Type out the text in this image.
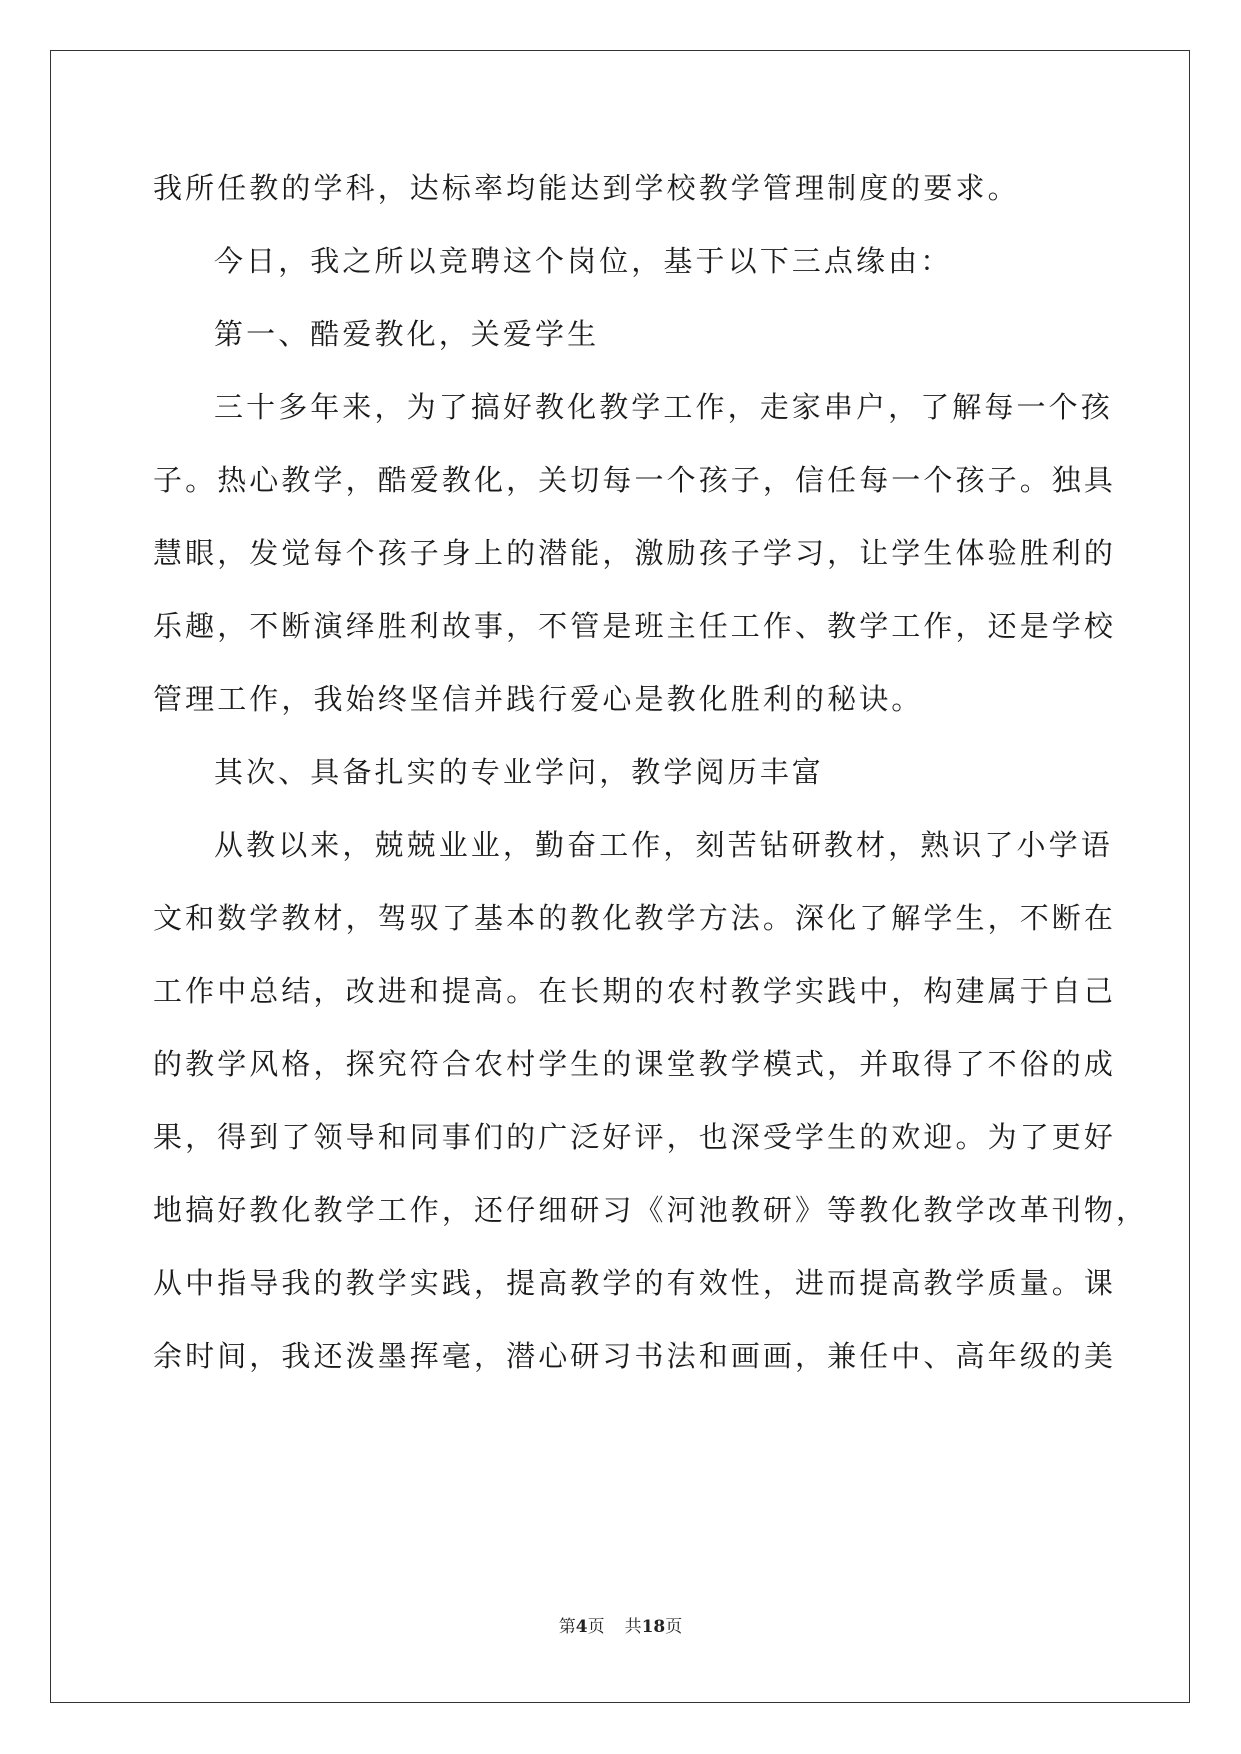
我所任教的学科，达标率均能达到学校教学管理制度的要求。
今日，我之所以竞聘这个岗位，基于以下三点缘由：
第一、酷爱教化，关爱学生
三十多年来，为了搞好教化教学工作，走家串户，了解每一个孩
子。热心教学，酷爱教化，关切每一个孩子，信任每一个孩子。独具
慧眼，发觉每个孩子身上的潜能，激励孩子学习，让学生体验胜利的
乐趣，不断演绎胜利故事，不管是班主任工作、教学工作，还是学校
管理工作，我始终坚信并践行爱心是教化胜利的秘诀。
其次、具备扎实的专业学问，教学阅历丰富
从教以来，兢兢业业，勤奋工作，刻苦钻研教材，熟识了小学语
文和数学教材，驾驭了基本的教化教学方法。深化了解学生，不断在
工作中总结，改进和提高。在长期的农村教学实践中，构建属于自己
的教学风格，探究符合农村学生的课堂教学模式，并取得了不俗的成
果，得到了领导和同事们的广泛好评，也深受学生的欢迎。为了更好
地搞好教化教学工作，还仔细研习《河池教研》等教化教学改革刊物，
从中指导我的教学实践，提高教学的有效性，进而提高教学质量。课
余时间，我还泼墨挥毫，潜心研习书法和画画，兼任中、高年级的美
第4页 共18页
